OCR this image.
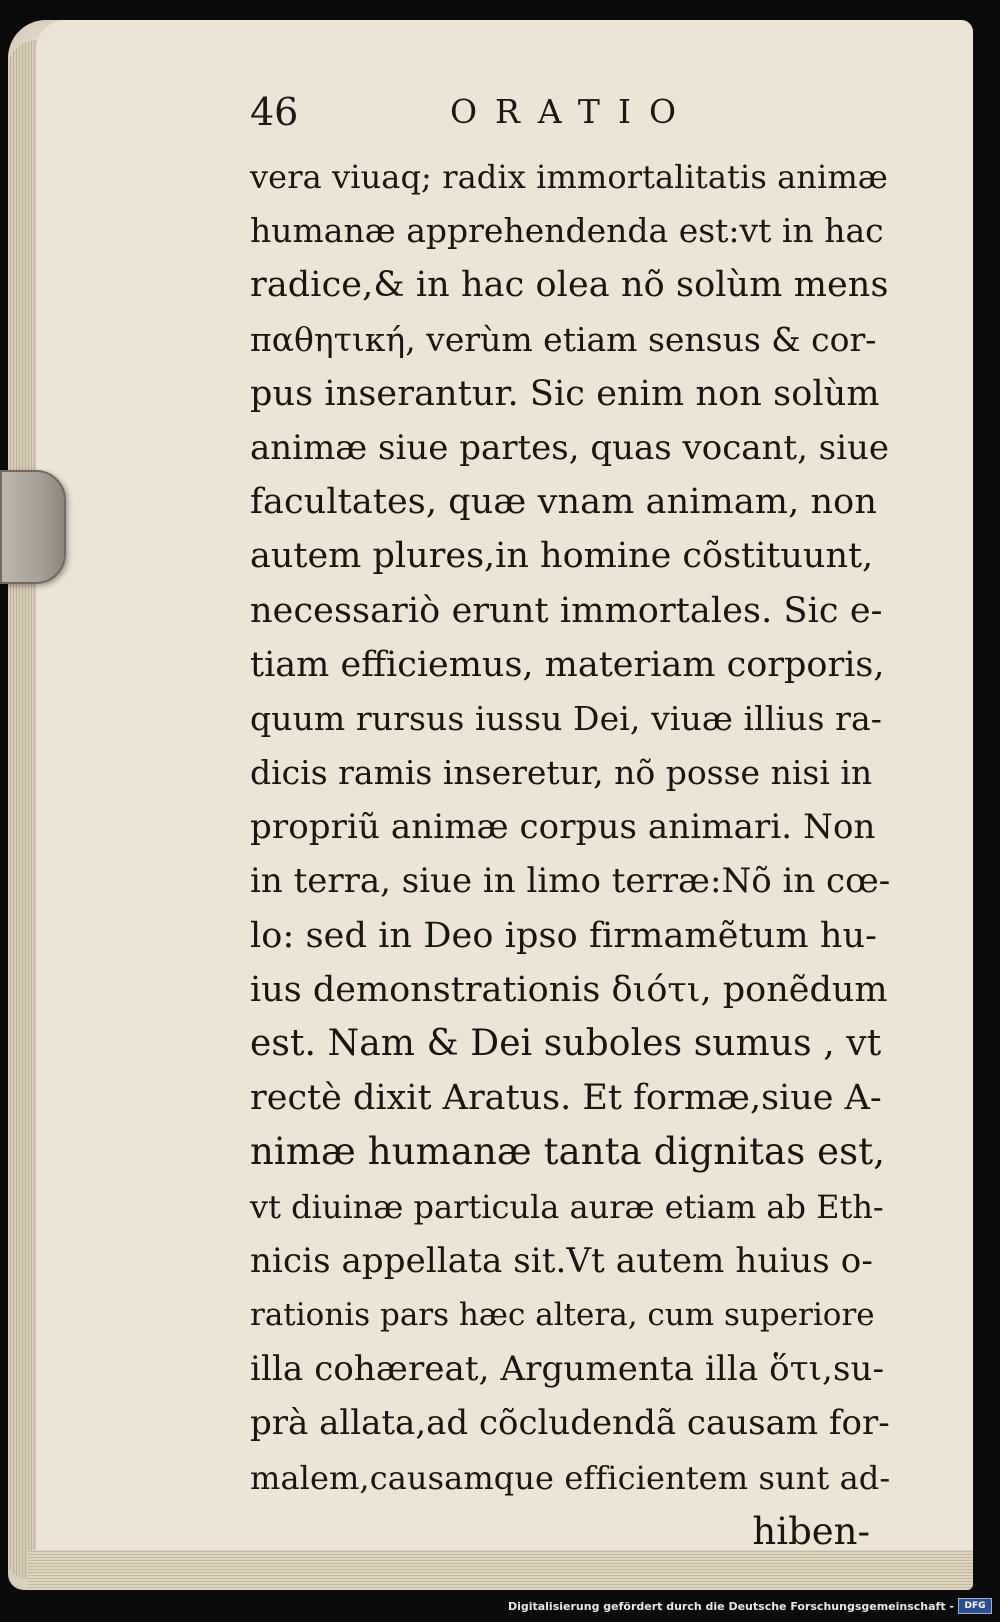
46	ORATIO
vera viuaq; radix immortalitatis animæ
humanæ apprehendenda est:vt in hac
radice,& in hac olea nõ solùm mens
παθητική, verùm etiam sensus & cor-
pus inserantur. Sic enim non solùm
animæ siue partes, quas vocant, siue
facultates, quæ vnam animam, non
autem plures,in homine cõstituunt,
necessariò erunt immortales. Sic e-
tiam efficiemus, materiam corporis,
quum rursus iussu Dei, viuæ illius ra-
dicis ramis inseretur, nõ posse nisi in
propriũ animæ corpus animari. Non
in terra, siue in limo terræ:Nõ in cœ-
lo: sed in Deo ipso firmamẽtum hu-
ius demonstrationis διότι, ponẽdum
est. Nam & Dei suboles sumus , vt
rectè dixit Aratus. Et formæ,siue A-
nimæ humanæ tanta dignitas est,
vt diuinæ particula auræ etiam ab Eth-
nicis appellata sit.Vt autem huius o-
rationis pars hæc altera, cum superiore
illa cohæreat, Argumenta illa ὅτι,su-
prà allata,ad cõcludendã causam for-
malem,causamque efficientem sunt ad-
hiben-
Digitalisierung gefördert durch die Deutsche Forschungsgemeinschaft -	DFG
